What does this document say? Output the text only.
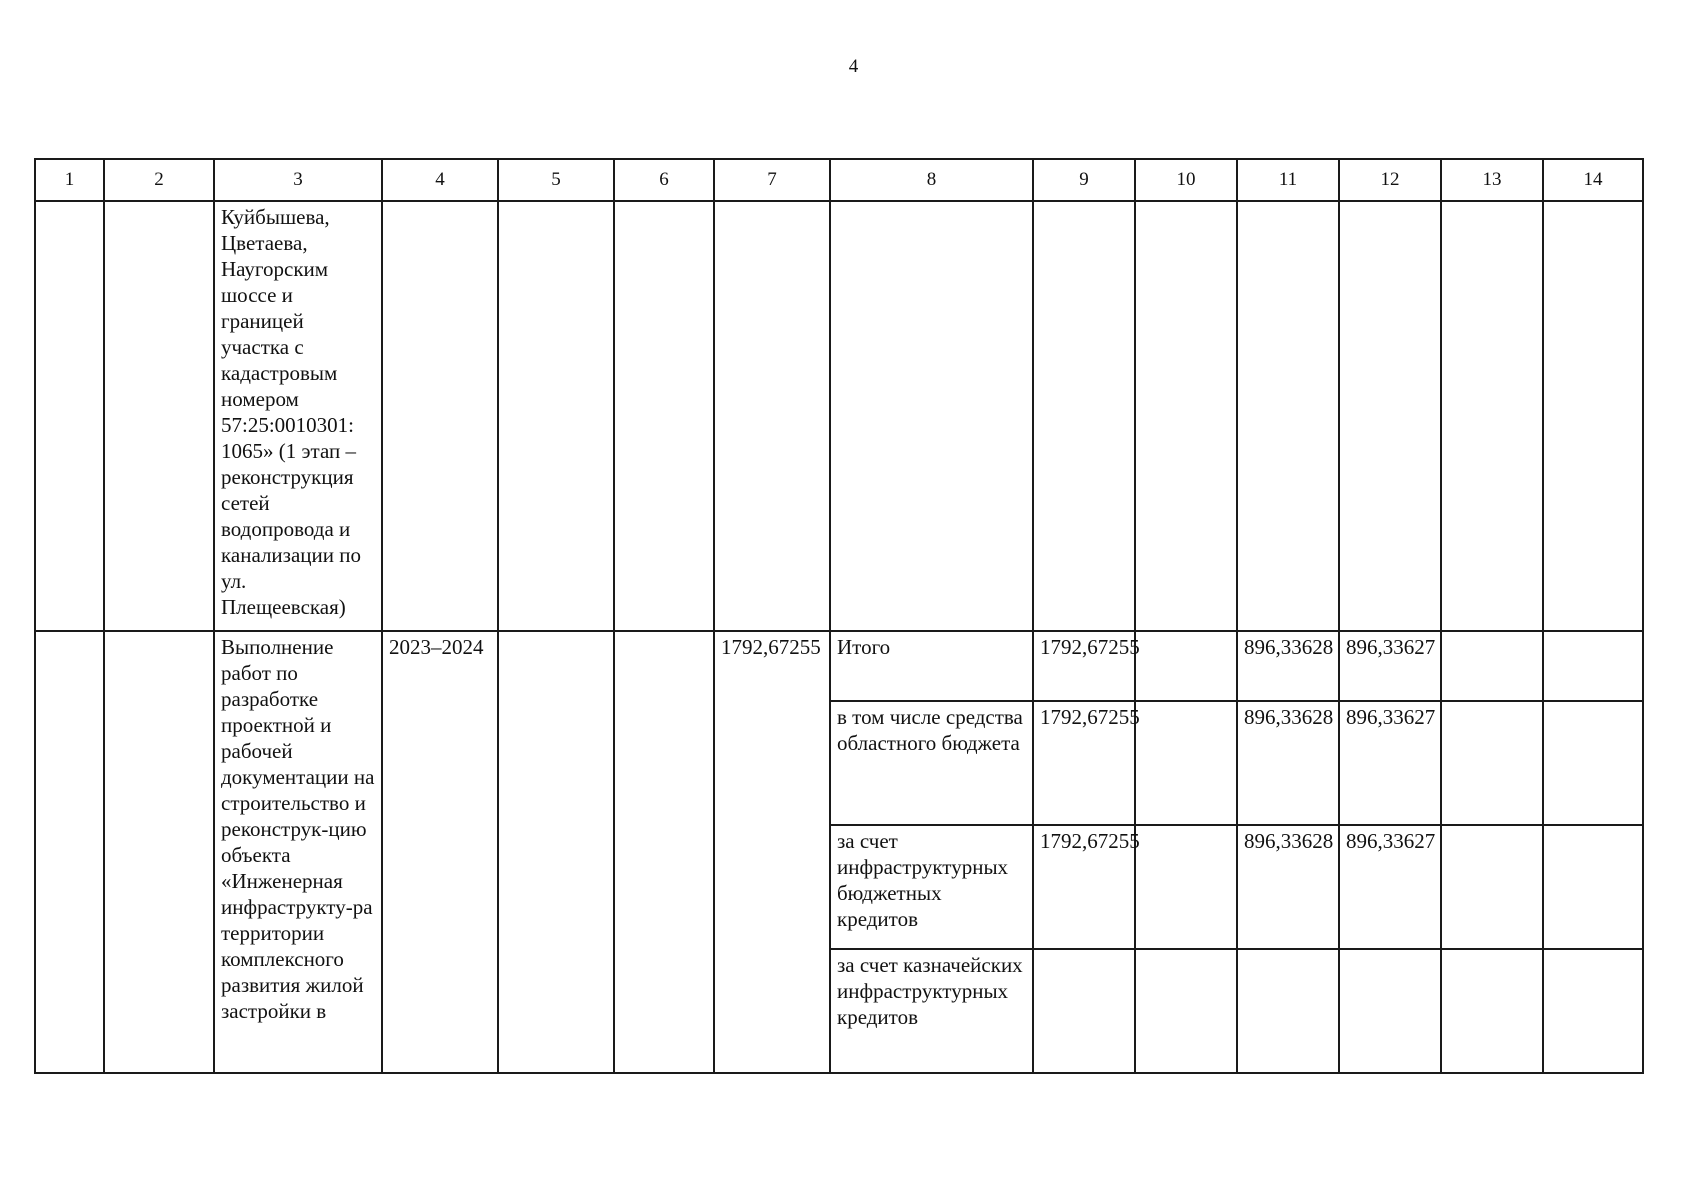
4
1	2	3	4	5	6	7	8	9	10	11	12	13	14
		Куйбышева, Цветаева, Наугорским шоссе и границей участка с кадастровым номером 57:25:0010301: 1065» (1 этап – реконструкция сетей водопровода и канализации по ул. Плещеевская)											
		Выполнение работ по разработке проектной и рабочей документации на строительство и реконструк-цию объекта «Инженерная инфраструкту-ра территории комплексного развития жилой застройки в	2023–2024			1792,67255	Итого	1792,67255		896,33628	896,33627		
							в том числе средства областного бюджета	1792,67255		896,33628	896,33627		
							за счет инфраструктурных бюджетных кредитов	1792,67255		896,33628	896,33627		
							за счет казначейских инфраструктурных кредитов						
